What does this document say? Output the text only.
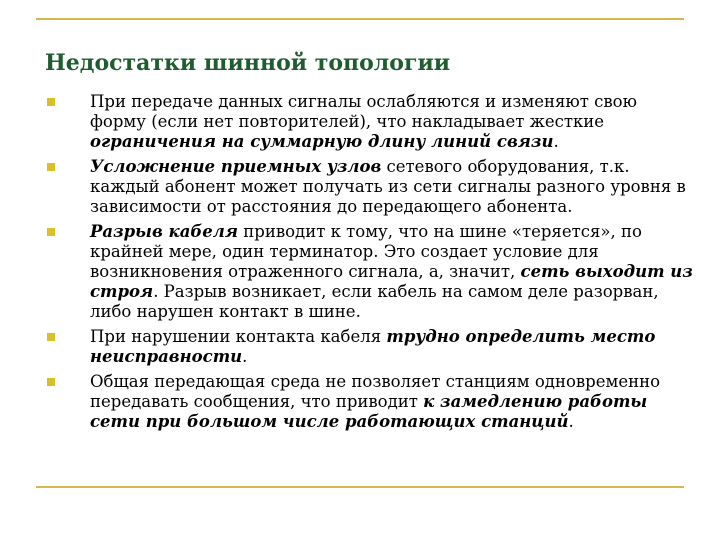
Недостатки шинной топологии
При передаче данных сигналы ослабляются и изменяют свою форму (если нет повторителей), что накладывает жесткие ограничения на суммарную длину линий связи.
Усложнение приемных узлов сетевого оборудования, т.к. каждый абонент может получать из сети сигналы разного уровня в зависимости от расстояния до передающего абонента.
Разрыв кабеля приводит к тому, что на шине «теряется», по крайней мере, один терминатор. Это создает условие для возникновения отраженного сигнала, а, значит, сеть выходит из строя. Разрыв возникает, если кабель на самом деле разорван, либо нарушен контакт в шине.
При нарушении контакта кабеля трудно определить место неисправности.
Общая передающая среда не позволяет станциям одновременно передавать сообщения, что приводит к замедлению работы сети при большом числе работающих станций.
